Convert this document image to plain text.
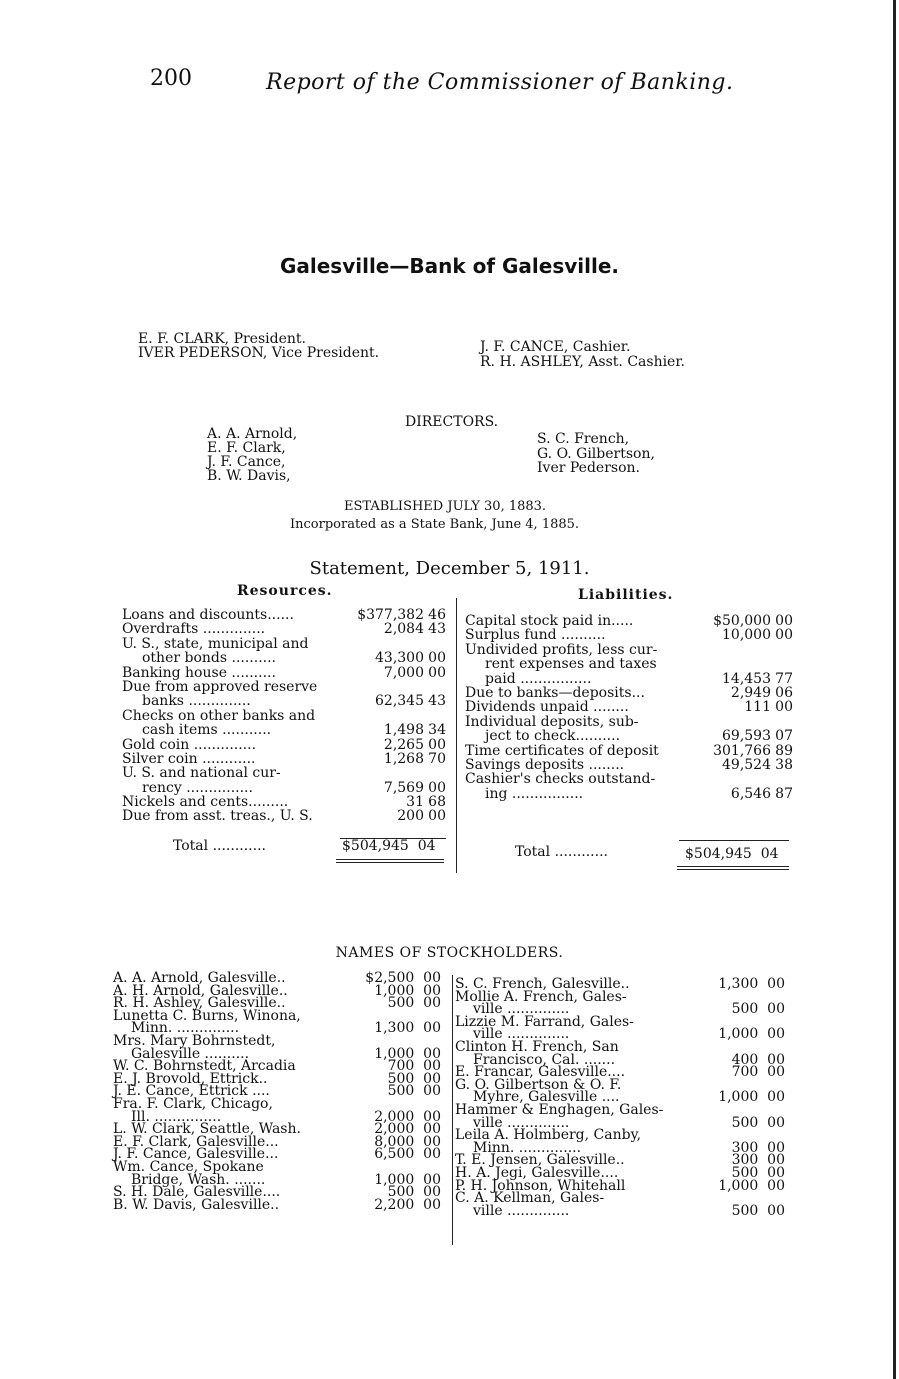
200	Report of the Commissioner of Banking.
Galesville—Bank of Galesville.
E. F. CLARK, President.
IVER PEDERSON, Vice President.	J. F. CANCE, Cashier.
R. H. ASHLEY, Asst. Cashier.
DIRECTORS.
A. A. Arnold,
E. F. Clark,
J. F. Cance,
B. W. Davis,
S. C. French,
G. O. Gilbertson,
Iver Pederson.
ESTABLISHED JULY 30, 1883.
Incorporated as a State Bank, June 4, 1885.
Statement, December 5, 1911.
Resources.	Liabilities.
Loans and discounts......	$377,382 46
Overdrafts ..............	2,084 43
U. S., state, municipal and
other bonds ..........	43,300 00
Banking house ..........	7,000 00
Due from approved reserve
banks ..............	62,345 43
Checks on other banks and
cash items ...........	1,498 34
Gold coin ..............	2,265 00
Silver coin ............	1,268 70
U. S. and national cur-
rency ...............	7,569 00
Nickels and cents.........	31 68
Due from asst. treas., U. S.	200 00
Total ............	$504,945 04
Capital stock paid in.....	$50,000 00
Surplus fund ..........	10,000 00
Undivided profits, less cur-
rent expenses and taxes
paid ................	14,453 77
Due to banks—deposits...	2,949 06
Dividends unpaid ........	111 00
Individual deposits, sub-
ject to check..........	69,593 07
Time certificates of deposit	301,766 89
Savings deposits ........	49,524 38
Cashier's checks outstand-
ing ................	6,546 87
Total ............	$504,945 04
NAMES OF STOCKHOLDERS.
A. A. Arnold, Galesville..	$2,500  00
A. H. Arnold, Galesville..	1,000  00
R. H. Ashley, Galesville..	500  00
Lunetta C. Burns, Winona,
Minn. ..............	1,300  00
Mrs. Mary Bohrnstedt,
Galesville ..........	1,000  00
W. C. Bohrnstedt, Arcadia	700  00
E. J. Brovold, Ettrick..	500  00
J. E. Cance, Ettrick ....	500  00
Fra. F. Clark, Chicago,
Ill. ...............	2,000  00
L. W. Clark, Seattle, Wash.	2,000  00
E. F. Clark, Galesville...	8,000  00
J. F. Cance, Galesville...	6,500  00
Wm. Cance, Spokane
Bridge, Wash. .......	1,000  00
S. H. Dale, Galesville....	500  00
B. W. Davis, Galesville..	2,200  00
S. C. French, Galesville..	1,300  00
Mollie A. French, Gales-
ville ..............	500  00
Lizzie M. Farrand, Gales-
ville ..............	1,000  00
Clinton H. French, San
Francisco, Cal. .......	400  00
E. Francar, Galesville....	700  00
G. O. Gilbertson & O. F.
Myhre, Galesville ....	1,000  00
Hammer & Enghagen, Gales-
ville ..............	500  00
Leila A. Holmberg, Canby,
Minn. ..............	300  00
T. E. Jensen, Galesville..	300  00
H. A. Jegi, Galesville....	500  00
P. H. Johnson, Whitehall	1,000  00
C. A. Kellman, Gales-
ville ..............	500  00
